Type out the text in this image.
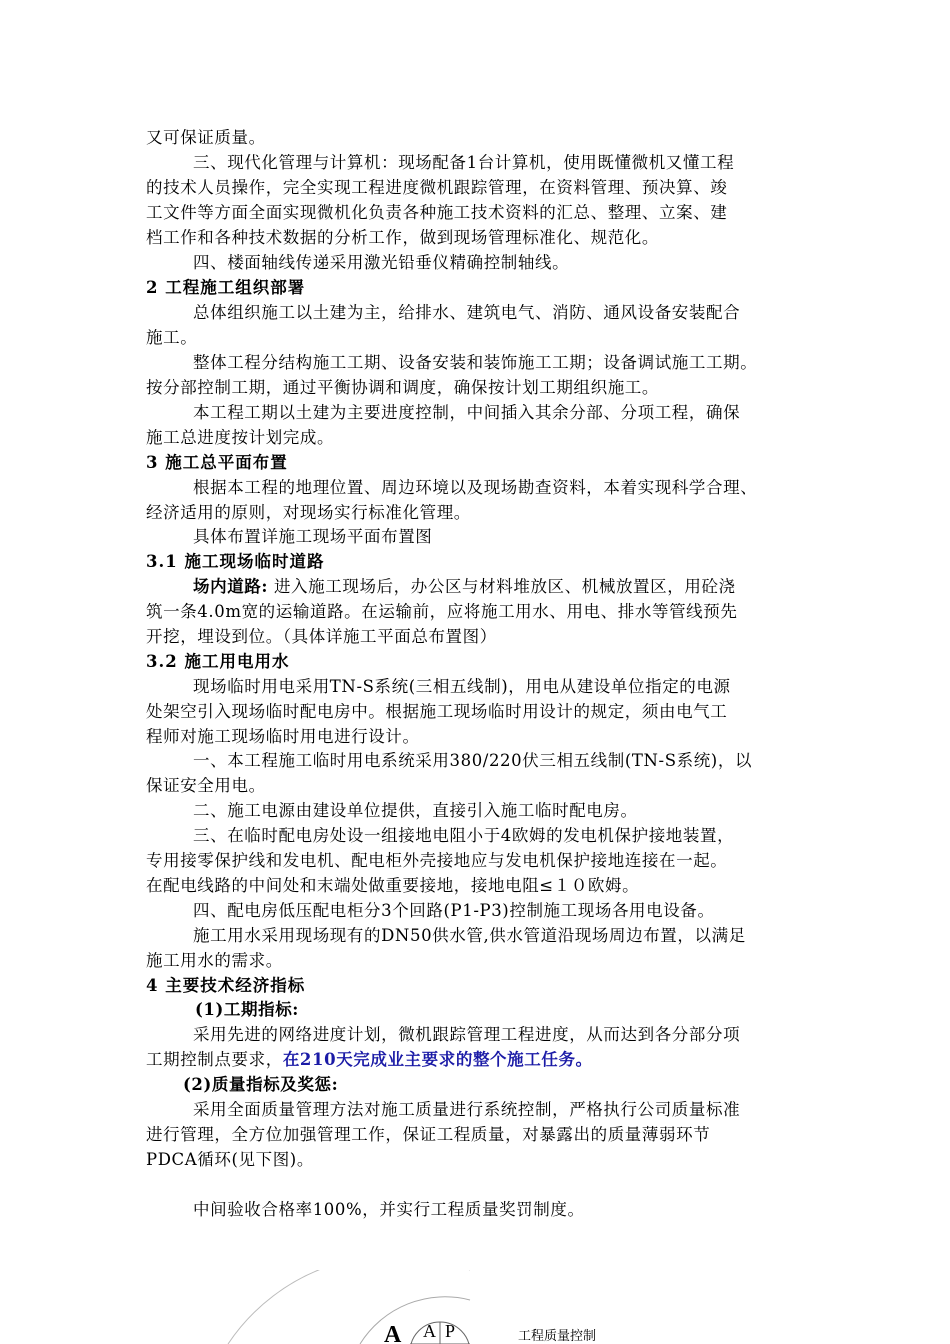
又可保证质量。
三、现代化管理与计算机：现场配备1台计算机，使用既懂微机又懂工程
的技术人员操作，完全实现工程进度微机跟踪管理，在资料管理、预决算、竣
工文件等方面全面实现微机化负责各种施工技术资料的汇总、整理、立案、建
档工作和各种技术数据的分析工作，做到现场管理标准化、规范化。
四、楼面轴线传递采用激光铅垂仪精确控制轴线。
2 工程施工组织部署
总体组织施工以土建为主，给排水、建筑电气、消防、通风设备安装配合
施工。
整体工程分结构施工工期、设备安装和装饰施工工期；设备调试施工工期。
按分部控制工期，通过平衡协调和调度，确保按计划工期组织施工。
本工程工期以土建为主要进度控制，中间插入其余分部、分项工程，确保
施工总进度按计划完成。
3 施工总平面布置
根据本工程的地理位置、周边环境以及现场勘查资料，本着实现科学合理、
经济适用的原则，对现场实行标准化管理。
具体布置详施工现场平面布置图
3.1 施工现场临时道路
场内道路: 进入施工现场后，办公区与材料堆放区、机械放置区，用砼浇
筑一条4.0m宽的运输道路。在运输前，应将施工用水、用电、排水等管线预先
开挖，埋设到位。（具体详施工平面总布置图）
3.2 施工用电用水
现场临时用电采用TN-S系统(三相五线制)，用电从建设单位指定的电源
处架空引入现场临时配电房中。根据施工现场临时用设计的规定，须由电气工
程师对施工现场临时用电进行设计。
一、本工程施工临时用电系统采用380/220伏三相五线制(TN-S系统)，以
保证安全用电。
二、施工电源由建设单位提供，直接引入施工临时配电房。
三、在临时配电房处设一组接地电阻小于4欧姆的发电机保护接地装置，
专用接零保护线和发电机、配电柜外壳接地应与发电机保护接地连接在一起。
在配电线路的中间处和末端处做重要接地，接地电阻≤１０欧姆。
四、配电房低压配电柜分3个回路(P1-P3)控制施工现场各用电设备。
施工用水采用现场现有的DN50供水管,供水管道沿现场周边布置，以满足
施工用水的需求。
4 主要技术经济指标
(1)工期指标:
采用先进的网络进度计划，微机跟踪管理工程进度，从而达到各分部分项
工期控制点要求，在210天完成业主要求的整个施工任务。
(2)质量指标及奖惩:
采用全面质量管理方法对施工质量进行系统控制，严格执行公司质量标准
进行管理，全方位加强管理工作，保证工程质量，对暴露出的质量薄弱环节
PDCA循环(见下图)。
中间验收合格率100%，并实行工程质量奖罚制度。
A A P	工程质量控制
